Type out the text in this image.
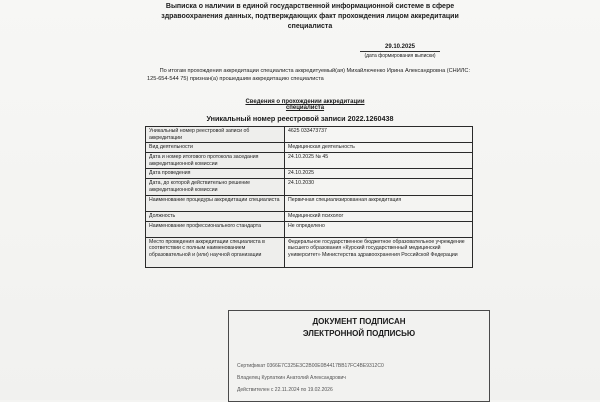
Выписка о наличии в единой государственной информационной системе в сфере здравоохранения данных, подтверждающих факт прохождения лицом аккредитации специалиста
29.10.2025
(дата формирования выписки)
По итогам прохождения аккредитации специалиста аккредитуемый(ая) Михайлюченко Ирина Александровна (СНИЛС:
125-654-544 75) признан(а) прошедшим аккредитацию специалиста
Сведения о прохождении аккредитации специалиста
Уникальный номер реестровой записи 2022.1260438
Уникальный номер реестровой записи об аккредитации	4625 033473737
Вид деятельности	Медицинская деятельность
Дата и номер итогового протокола заседания аккредитационной комиссии	24.10.2025 № 45
Дата проведения	24.10.2025
Дата, до которой действительно решение аккредитационной комиссии	24.10.2030
Наименование процедуры аккредитации специалиста	Первичная специализированная аккредитация
Должность	Медицинский психолог
Наименование профессионального стандарта	Не определено
Место проведения аккредитации специалиста в соответствии с полным наименованием образовательной и (или) научной организации	Федеральное государственное бюджетное образовательное учреждение высшего образования «Курский государственный медицинский университет» Министерства здравоохранения Российской Федерации
ДОКУМЕНТ ПОДПИСАН
ЭЛЕКТРОННОЙ ПОДПИСЬЮ
Сертификат 0366E7C325E3C2B00E0B4417BB17FC4BE9312C0
Владелец Курлаткин Анатолий Александрович
Действителен с 22.11.2024 по 19.02.2026
